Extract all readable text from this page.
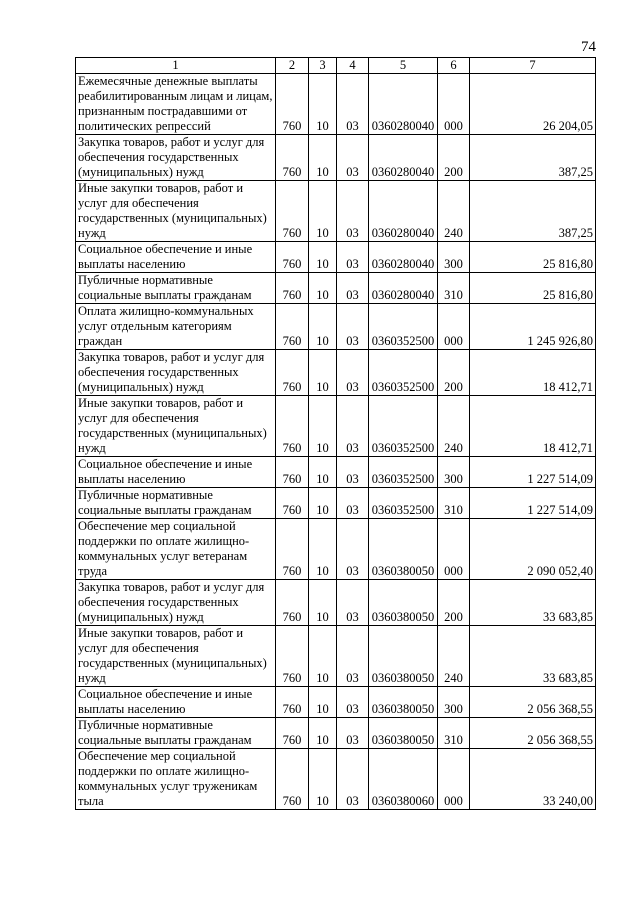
74
1	2	3	4	5	6	7
Ежемесячные денежные выплаты реабилитированным лицам и лицам, признанным пострадавшими от политических репрессий	760	10	03	0360280040	000	26 204,05
Закупка товаров, работ и услуг для обеспечения государственных (муниципальных) нужд	760	10	03	0360280040	200	387,25
Иные закупки товаров, работ и услуг для обеспечения государственных (муниципальных) нужд	760	10	03	0360280040	240	387,25
Социальное обеспечение и иные выплаты населению	760	10	03	0360280040	300	25 816,80
Публичные нормативные социальные выплаты гражданам	760	10	03	0360280040	310	25 816,80
Оплата жилищно-коммунальных услуг отдельным категориям граждан	760	10	03	0360352500	000	1 245 926,80
Закупка товаров, работ и услуг для обеспечения государственных (муниципальных) нужд	760	10	03	0360352500	200	18 412,71
Иные закупки товаров, работ и услуг для обеспечения государственных (муниципальных) нужд	760	10	03	0360352500	240	18 412,71
Социальное обеспечение и иные выплаты населению	760	10	03	0360352500	300	1 227 514,09
Публичные нормативные социальные выплаты гражданам	760	10	03	0360352500	310	1 227 514,09
Обеспечение мер социальной поддержки по оплате жилищно-коммунальных услуг ветеранам труда	760	10	03	0360380050	000	2 090 052,40
Закупка товаров, работ и услуг для обеспечения государственных (муниципальных) нужд	760	10	03	0360380050	200	33 683,85
Иные закупки товаров, работ и услуг для обеспечения государственных (муниципальных) нужд	760	10	03	0360380050	240	33 683,85
Социальное обеспечение и иные выплаты населению	760	10	03	0360380050	300	2 056 368,55
Публичные нормативные социальные выплаты гражданам	760	10	03	0360380050	310	2 056 368,55
Обеспечение мер социальной поддержки по оплате жилищно-коммунальных услуг труженикам тыла	760	10	03	0360380060	000	33 240,00
